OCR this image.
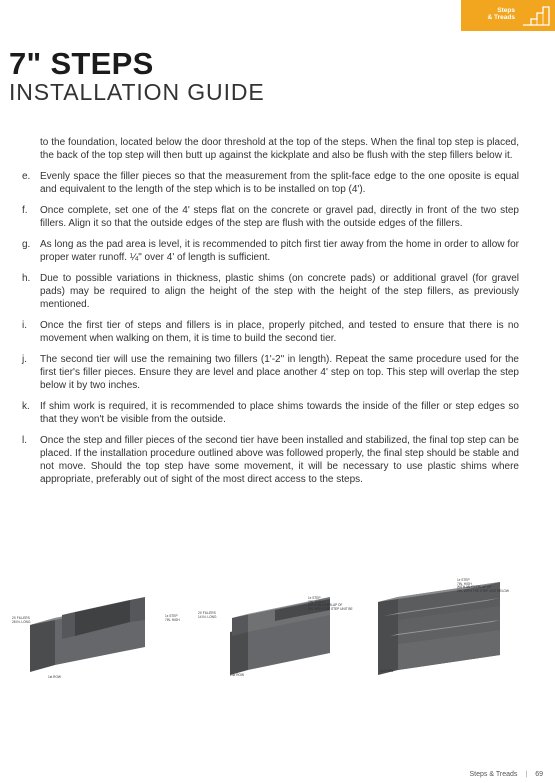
Steps
& Treads
7" STEPS
INSTALLATION GUIDE
to the foundation, located below the door threshold at the top of the steps. When the final top step is placed, the back of the top step will then butt up against the kickplate and also be flush with the step fillers below it.
e. Evenly space the filler pieces so that the measurement from the split-face edge to the one oposite is equal and equivalent to the length of the step which is to be installed on top (4').
f.	Once complete, set one of the 4' steps flat on the concrete or gravel pad, directly in front of the two step fillers. Align it so that the outside edges of the step are flush with the outside edges of the fillers.
g. As long as the pad area is level, it is recommended to pitch first tier away from the home in order to allow for proper water runoff. ¼" over 4' of length is sufficient.
h. Due to possible variations in thickness, plastic shims (on concrete pads) or additional gravel (for gravel pads) may be required to align the height of the step with the height of the step fillers, as previously mentioned.
i.	Once the first tier of steps and fillers is in place, properly pitched, and tested to ensure that there is no movement when walking on them, it is time to build the second tier.
j.	The second tier will use the remaining two fillers (1'-2" in length). Repeat the same procedure used for the first tier's filler pieces. Ensure they are level and place another 4' step on top. This step will overlap the step below it by two inches.
k.	If shim work is required, it is recommended to place shims towards the inside of the filler or step edges so that they won't be visible from the outside.
l.	Once the step and filler pieces of the second tier have been installed and stabilized, the final top step can be placed. If the installation procedure outlined above was followed properly, the final step should be stable and not move. Should the top step have some movement, it will be necessary to use plastic shims where appropriate, preferably out of sight of the most direct access to the steps.
2X FILLERS
28 IN. LONG
1x STEP
7IN. HIGH
1st ROW
2X FILLERS
14 IN. LONG
1x STEP
7IN. HIGH
WITH AN OVERLAP OF
2IN. WITH THE STEP UNIT BE
2nd ROW
1x STEP
7IN. HIGH
WITH AN OVERLAP OF
2IN. WITH THE STEP UNIT BELOW
3rd ROW
Steps & Treads | 69
